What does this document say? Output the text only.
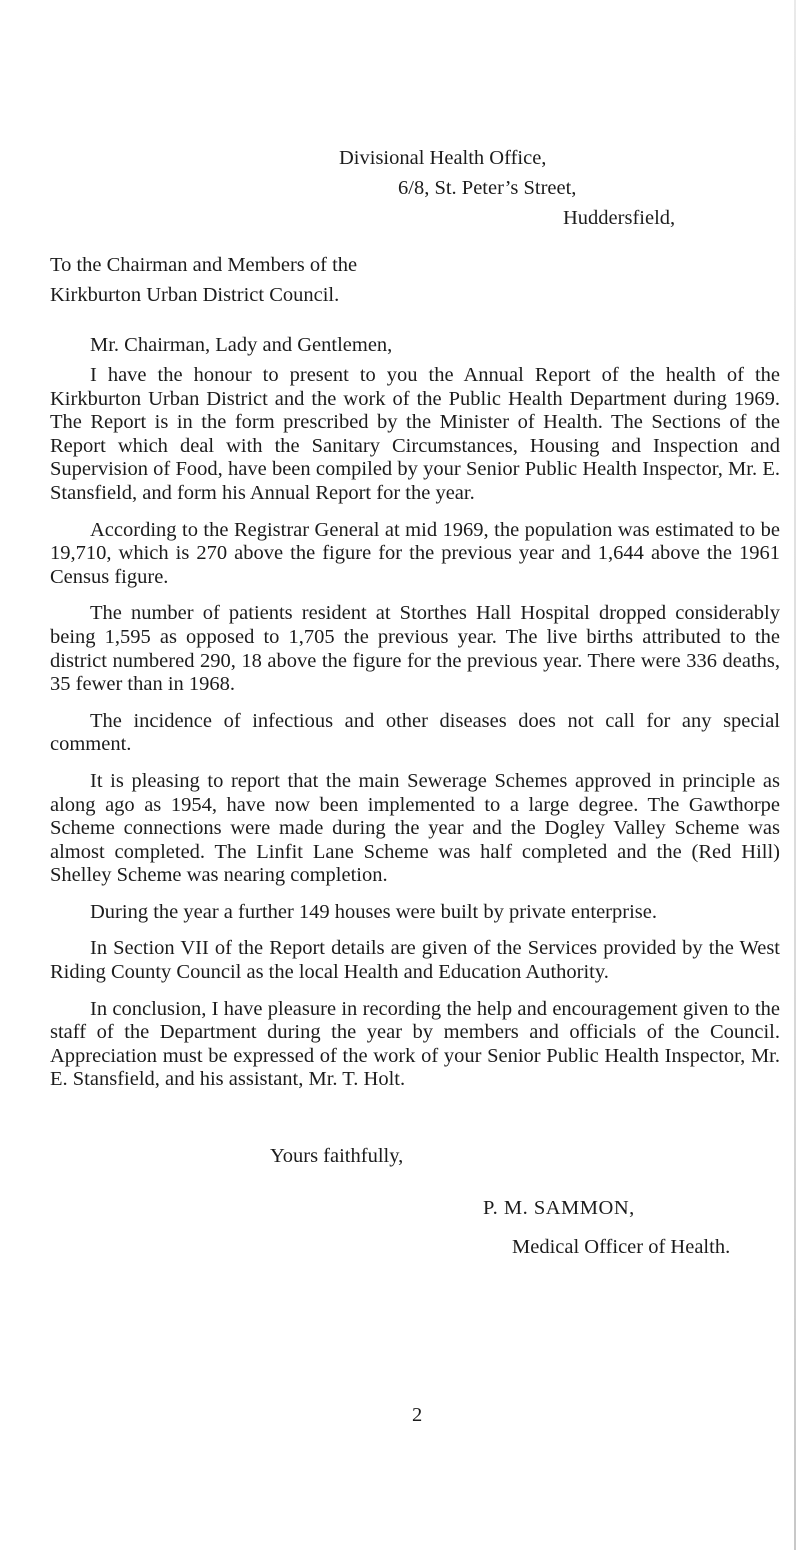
Divisional Health Office,
6/8, St. Peter’s Street,
Huddersfield,
To the Chairman and Members of the
Kirkburton Urban District Council.
Mr. Chairman, Lady and Gentlemen,

I have the honour to present to you the Annual Report of the health of the Kirkburton Urban District and the work of the Public Health Department during 1969. The Report is in the form prescribed by the Minister of Health. The Sections of the Report which deal with the Sanitary Circumstances, Housing and Inspection and Supervision of Food, have been compiled by your Senior Public Health Inspector, Mr. E. Stansfield, and form his Annual Report for the year.

According to the Registrar General at mid 1969, the population was estimated to be 19,710, which is 270 above the figure for the previous year and 1,644 above the 1961 Census figure.

The number of patients resident at Storthes Hall Hospital dropped considerably being 1,595 as opposed to 1,705 the previous year. The live births attributed to the district numbered 290, 18 above the figure for the previous year. There were 336 deaths, 35 fewer than in 1968.

The incidence of infectious and other diseases does not call for any special comment.

It is pleasing to report that the main Sewerage Schemes approved in principle as along ago as 1954, have now been implemented to a large degree. The Gawthorpe Scheme connections were made during the year and the Dogley Valley Scheme was almost completed. The Linfit Lane Scheme was half completed and the (Red Hill) Shelley Scheme was nearing completion.

During the year a further 149 houses were built by private enterprise.

In Section VII of the Report details are given of the Services provided by the West Riding County Council as the local Health and Education Authority.

In conclusion, I have pleasure in recording the help and encouragement given to the staff of the Department during the year by members and officials of the Council. Appreciation must be expressed of the work of your Senior Public Health Inspector, Mr. E. Stansfield, and his assistant, Mr. T. Holt.

Yours faithfully,
P. M. SAMMON,
Medical Officer of Health.
2
